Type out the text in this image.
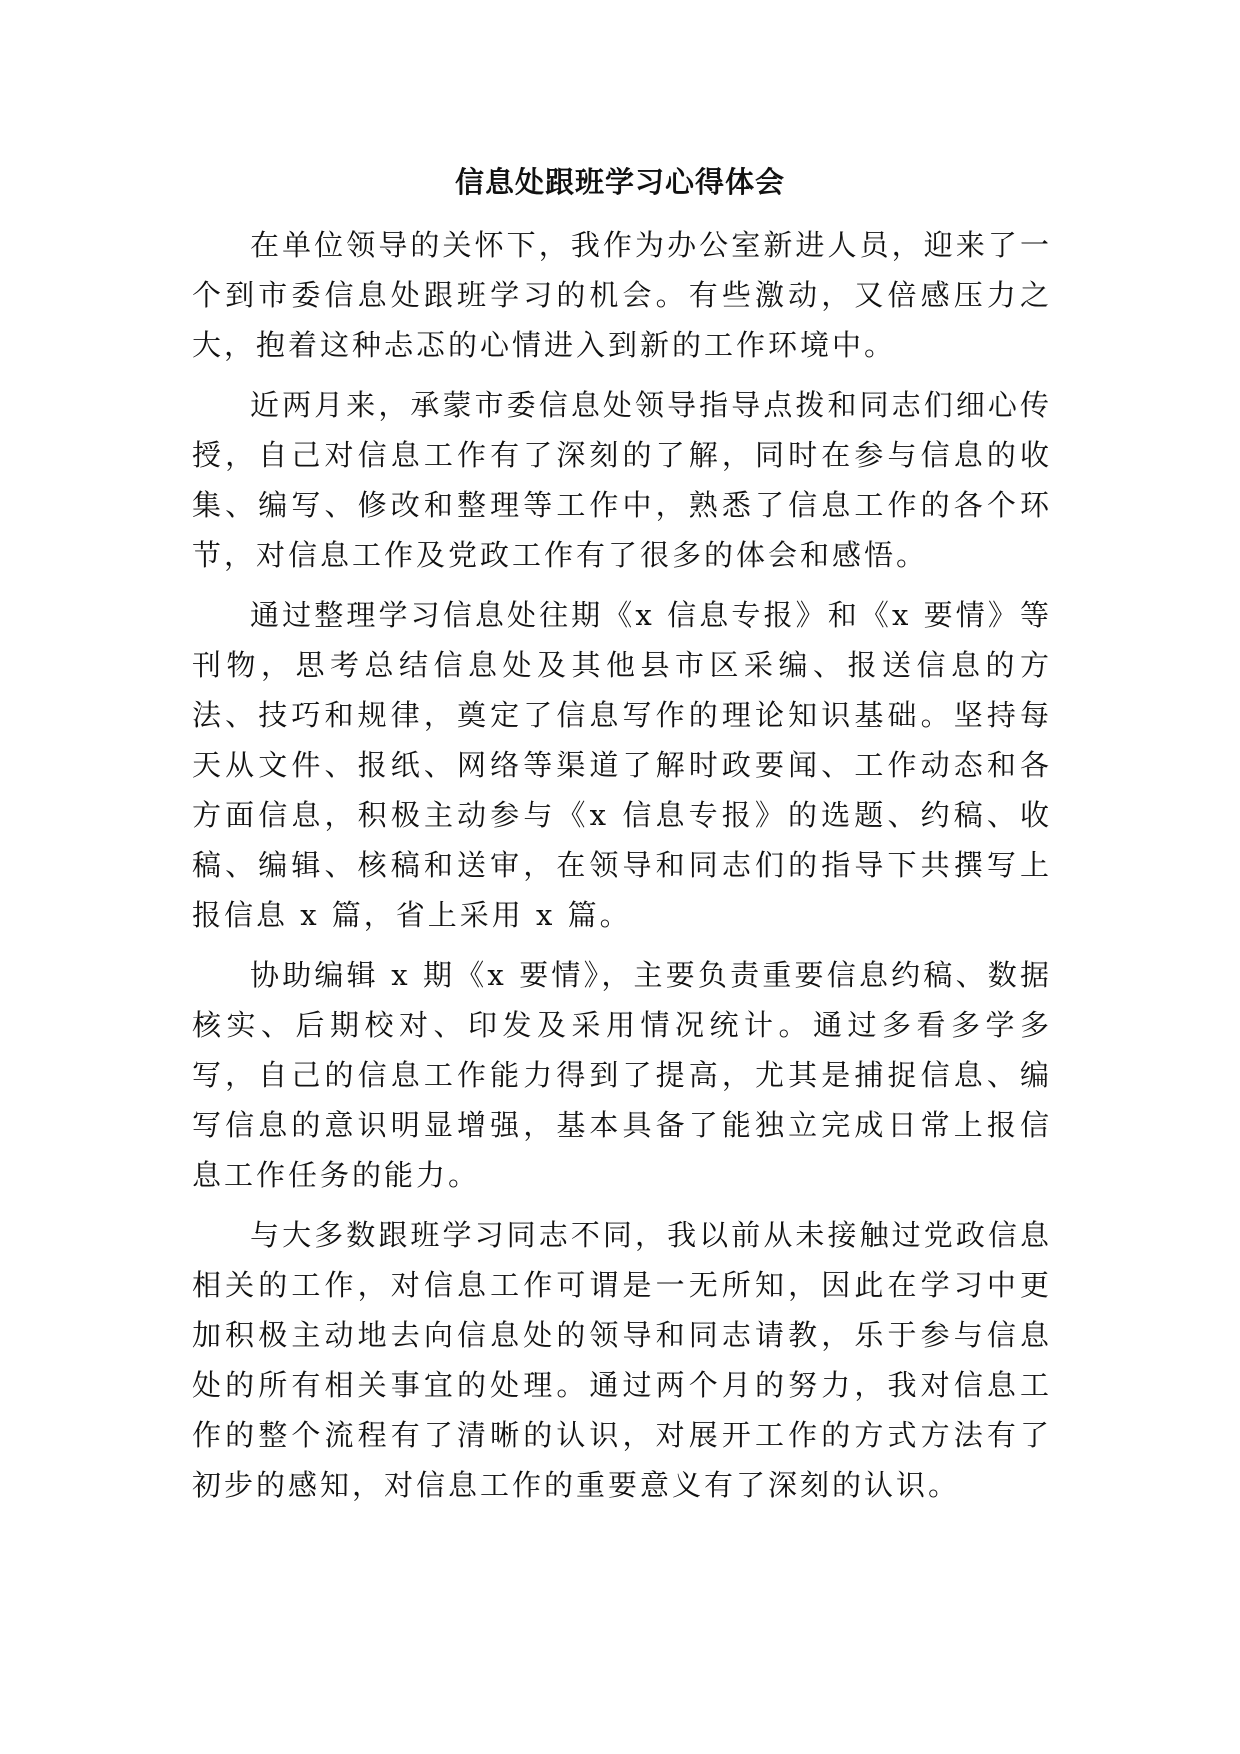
信息处跟班学习心得体会

在单位领导的关怀下，我作为办公室新进人员，迎来了一个到市委信息处跟班学习的机会。有些激动，又倍感压力之大，抱着这种忐忑的心情进入到新的工作环境中。

近两月来，承蒙市委信息处领导指导点拨和同志们细心传授，自己对信息工作有了深刻的了解，同时在参与信息的收集、编写、修改和整理等工作中，熟悉了信息工作的各个环节，对信息工作及党政工作有了很多的体会和感悟。

通过整理学习信息处往期《x 信息专报》和《x 要情》等刊物，思考总结信息处及其他县市区采编、报送信息的方法、技巧和规律，奠定了信息写作的理论知识基础。坚持每天从文件、报纸、网络等渠道了解时政要闻、工作动态和各方面信息，积极主动参与《x 信息专报》的选题、约稿、收稿、编辑、核稿和送审，在领导和同志们的指导下共撰写上报信息 x 篇，省上采用 x 篇。

协助编辑 x 期《x 要情》，主要负责重要信息约稿、数据核实、后期校对、印发及采用情况统计。通过多看多学多写，自己的信息工作能力得到了提高，尤其是捕捉信息、编写信息的意识明显增强，基本具备了能独立完成日常上报信息工作任务的能力。

与大多数跟班学习同志不同，我以前从未接触过党政信息相关的工作，对信息工作可谓是一无所知，因此在学习中更加积极主动地去向信息处的领导和同志请教，乐于参与信息处的所有相关事宜的处理。通过两个月的努力，我对信息工作的整个流程有了清晰的认识，对展开工作的方式方法有了初步的感知，对信息工作的重要意义有了深刻的认识。
